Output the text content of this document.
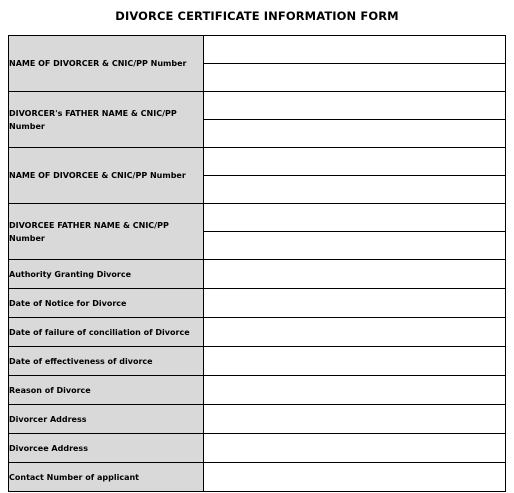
DIVORCE CERTIFICATE INFORMATION FORM
NAME OF DIVORCER & CNIC/PP Number	

DIVORCER's FATHER NAME & CNIC/PP Number	

NAME OF DIVORCEE & CNIC/PP Number	

DIVORCEE FATHER NAME & CNIC/PP Number	

Authority Granting Divorce	
Date of Notice for Divorce	
Date of failure of conciliation of Divorce	
Date of effectiveness of divorce	
Reason of Divorce	
Divorcer Address	
Divorcee Address	
Contact Number of applicant	
